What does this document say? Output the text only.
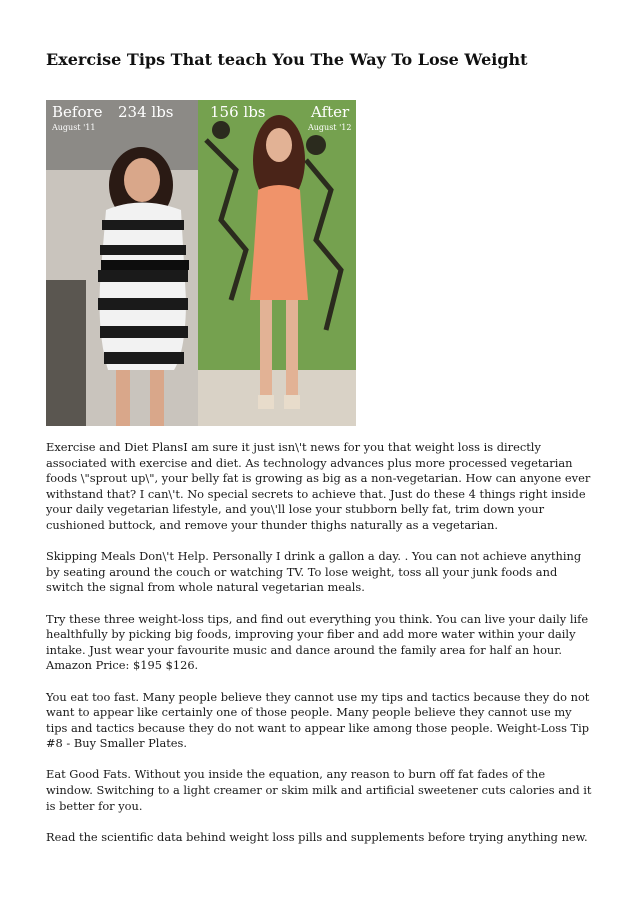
Exercise Tips That teach You The Way To Lose Weight
Before 234 lbs
August '11
156 lbs	After
August '12

Exercise and Diet PlansI am sure it just isn\'t news for you that weight loss is directly associated with exercise and diet. As technology advances plus more processed vegetarian foods \"sprout up\", your belly fat is growing as big as a non-vegetarian. How can anyone ever withstand that? I can\'t. No special secrets to achieve that. Just do these 4 things right inside your daily vegetarian lifestyle, and you\'ll lose your stubborn belly fat, trim down your cushioned buttock, and remove your thunder thighs naturally as a vegetarian.

Skipping Meals Don\'t Help. Personally I drink a gallon a day. . You can not achieve anything by seating around the couch or watching TV. To lose weight, toss all your junk foods and switch the signal from whole natural vegetarian meals.

Try these three weight-loss tips, and find out everything you think. You can live your daily life healthfully by picking big foods, improving your fiber and add more water within your daily intake. Just wear your favourite music and dance around the family area for half an hour. Amazon Price: $195 $126.

You eat too fast. Many people believe they cannot use my tips and tactics because they do not want to appear like certainly one of those people. Many people believe they cannot use my tips and tactics because they do not want to appear like among those people. Weight-Loss Tip #8 - Buy Smaller Plates.

Eat Good Fats. Without you inside the equation, any reason to burn off fat fades of the window. Switching to a light creamer or skim milk and artificial sweetener cuts calories and it is better for you.

Read the scientific data behind weight loss pills and supplements before trying anything new.
